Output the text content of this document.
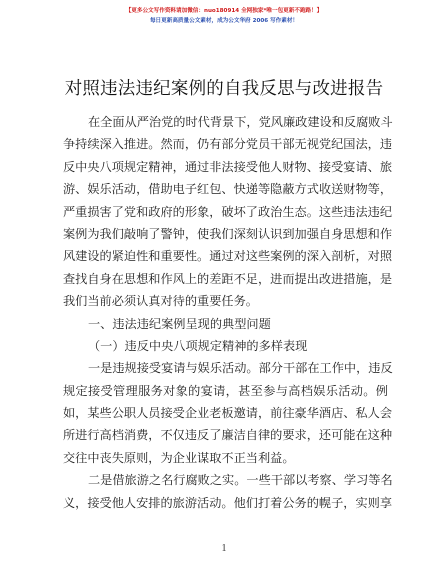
【更多公文写作资料请加微信：nuo180914 全网独家*唯一包更新不跑路！】
每日更新高质量公文素材，成为公文华府 2006 写作素材！
对照违法违纪案例的自我反思与改进报告
在全面从严治党的时代背景下，党风廉政建设和反腐败斗
争持续深入推进。然而，仍有部分党员干部无视党纪国法，违
反中央八项规定精神，通过非法接受他人财物、接受宴请、旅
游、娱乐活动，借助电子红包、快递等隐蔽方式收送财物等，
严重损害了党和政府的形象，破坏了政治生态。这些违法违纪
案例为我们敲响了警钟，使我们深刻认识到加强自身思想和作
风建设的紧迫性和重要性。通过对这些案例的深入剖析，对照
查找自身在思想和作风上的差距不足，进而提出改进措施，是
我们当前必须认真对待的重要任务。
一、违法违纪案例呈现的典型问题
（一）违反中央八项规定精神的多样表现
一是违规接受宴请与娱乐活动。部分干部在工作中，违反
规定接受管理服务对象的宴请，甚至参与高档娱乐活动。例
如，某些公职人员接受企业老板邀请，前往豪华酒店、私人会
所进行高档消费，不仅违反了廉洁自律的要求，还可能在这种
交往中丧失原则，为企业谋取不正当利益。
二是借旅游之名行腐败之实。一些干部以考察、学习等名
义，接受他人安排的旅游活动。他们打着公务的幌子，实则享
1
